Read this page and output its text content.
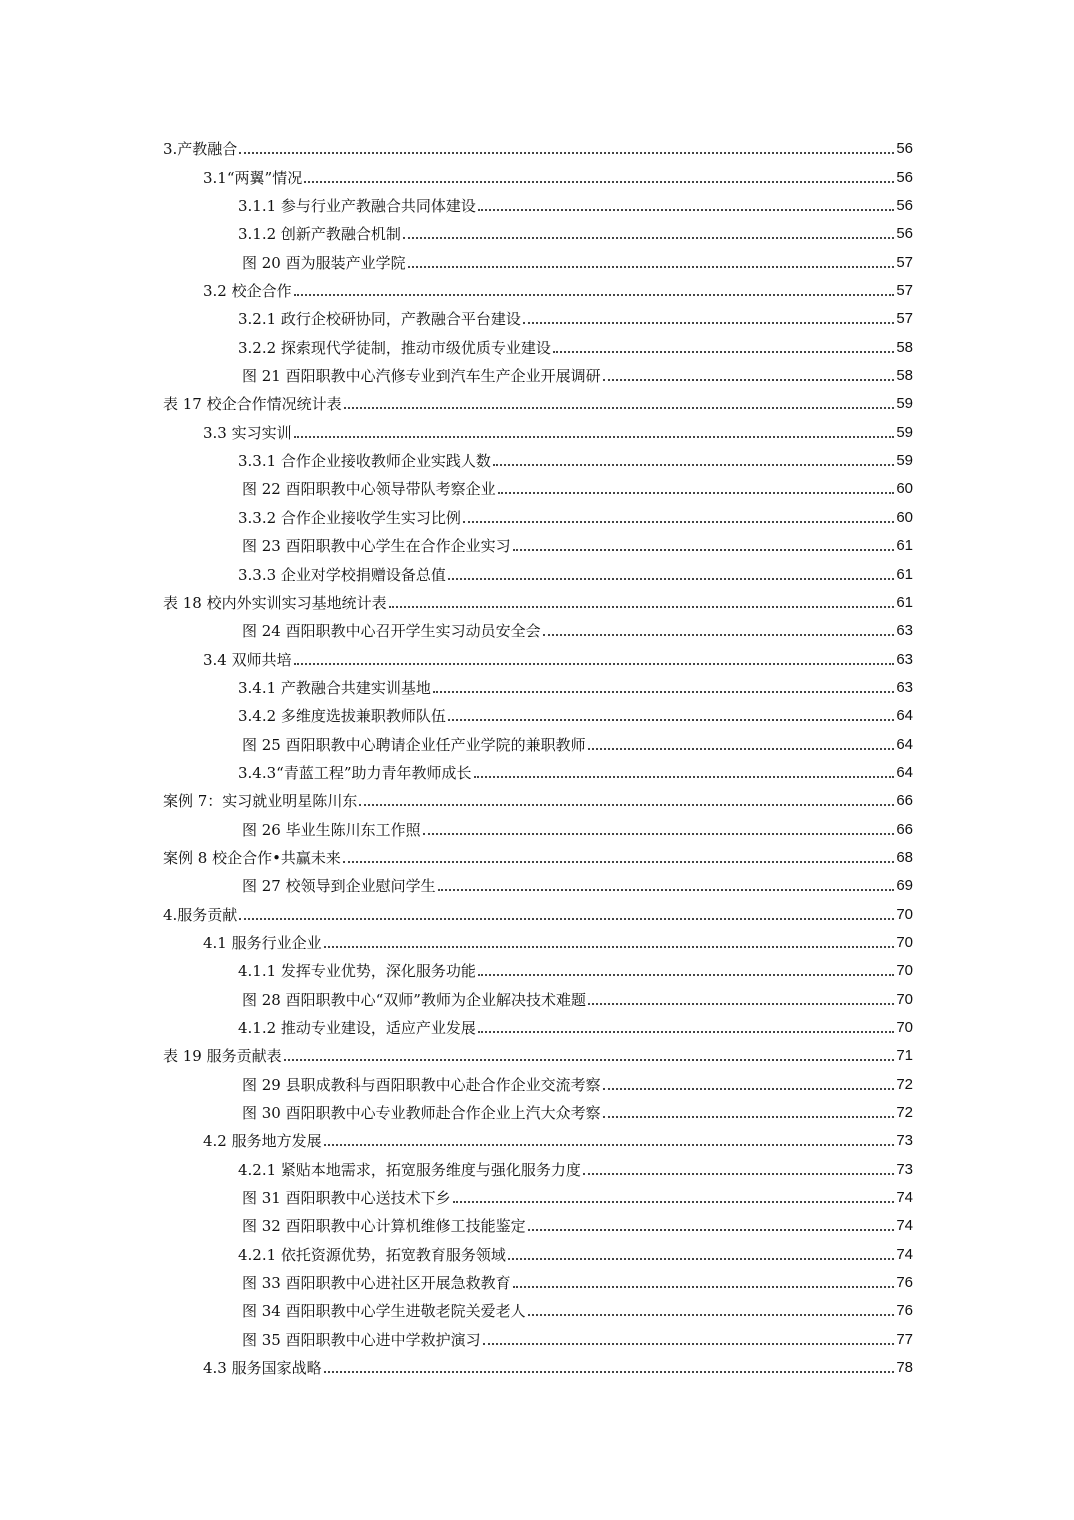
3.产教融合	56
3.1“两翼”情况	56
3.1.1 参与行业产教融合共同体建设	56
3.1.2 创新产教融合机制	56
图 20 酉为服装产业学院	57
3.2 校企合作	57
3.2.1 政行企校研协同，产教融合平台建设	57
3.2.2 探索现代学徒制，推动市级优质专业建设	58
图 21 酉阳职教中心汽修专业到汽车生产企业开展调研	58
表 17 校企合作情况统计表	59
3.3 实习实训	59
3.3.1 合作企业接收教师企业实践人数	59
图 22 酉阳职教中心领导带队考察企业	60
3.3.2 合作企业接收学生实习比例	60
图 23 酉阳职教中心学生在合作企业实习	61
3.3.3 企业对学校捐赠设备总值	61
表 18 校内外实训实习基地统计表	61
图 24 酉阳职教中心召开学生实习动员安全会	63
3.4 双师共培	63
3.4.1 产教融合共建实训基地	63
3.4.2 多维度选拔兼职教师队伍	64
图 25 酉阳职教中心聘请企业任产业学院的兼职教师	64
3.4.3“青蓝工程”助力青年教师成长	64
案例 7：实习就业明星陈川东	66
图 26 毕业生陈川东工作照	66
案例 8 校企合作•共赢未来	68
图 27 校领导到企业慰问学生	69
4.服务贡献	70
4.1 服务行业企业	70
4.1.1 发挥专业优势，深化服务功能	70
图 28 酉阳职教中心“双师”教师为企业解决技术难题	70
4.1.2 推动专业建设，适应产业发展	70
表 19 服务贡献表	71
图 29 县职成教科与酉阳职教中心赴合作企业交流考察	72
图 30 酉阳职教中心专业教师赴合作企业上汽大众考察	72
4.2 服务地方发展	73
4.2.1 紧贴本地需求，拓宽服务维度与强化服务力度	73
图 31 酉阳职教中心送技术下乡	74
图 32 酉阳职教中心计算机维修工技能鉴定	74
4.2.1 依托资源优势，拓宽教育服务领域	74
图 33 酉阳职教中心进社区开展急救教育	76
图 34 酉阳职教中心学生进敬老院关爱老人	76
图 35 酉阳职教中心进中学救护演习	77
4.3 服务国家战略	78
